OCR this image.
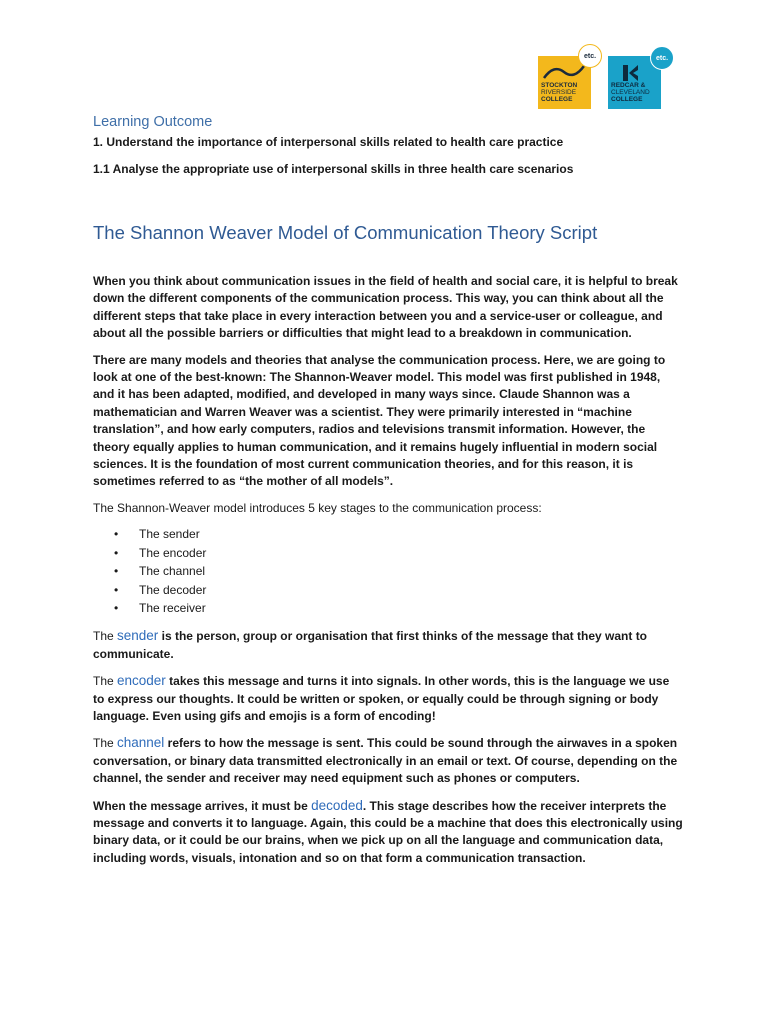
STOCKTON
RIVERSIDE
COLLEGE
etc.
REDCAR &
CLEVELAND
COLLEGE
etc.

Learning Outcome

1. Understand the importance of interpersonal skills related to health care practice

1.1 Analyse the appropriate use of interpersonal skills in three health care scenarios

The Shannon Weaver Model of Communication Theory Script

When you think about communication issues in the field of health and social care, it is helpful to break down the different components of the communication process. This way, you can think about all the different steps that take place in every interaction between you and a service-user or colleague, and about all the possible barriers or difficulties that might lead to a breakdown in communication.

There are many models and theories that analyse the communication process. Here, we are going to look at one of the best-known: The Shannon-Weaver model. This model was first published in 1948, and it has been adapted, modified, and developed in many ways since. Claude Shannon was a mathematician and Warren Weaver was a scientist. They were primarily interested in “machine translation”, and how early computers, radios and televisions transmit information. However, the theory equally applies to human communication, and it remains hugely influential in modern social sciences. It is the foundation of most current communication theories, and for this reason, it is sometimes referred to as “the mother of all models”.

The Shannon-Weaver model introduces 5 key stages to the communication process:

• The sender
• The encoder
• The channel
• The decoder
• The receiver

The sender is the person, group or organisation that first thinks of the message that they want to communicate.

The encoder takes this message and turns it into signals. In other words, this is the language we use to express our thoughts. It could be written or spoken, or equally could be through signing or body language. Even using gifs and emojis is a form of encoding!

The channel refers to how the message is sent. This could be sound through the airwaves in a spoken conversation, or binary data transmitted electronically in an email or text. Of course, depending on the channel, the sender and receiver may need equipment such as phones or computers.

When the message arrives, it must be decoded. This stage describes how the receiver interprets the message and converts it to language. Again, this could be a machine that does this electronically using binary data, or it could be our brains, when we pick up on all the language and communication data, including words, visuals, intonation and so on that form a communication transaction.
